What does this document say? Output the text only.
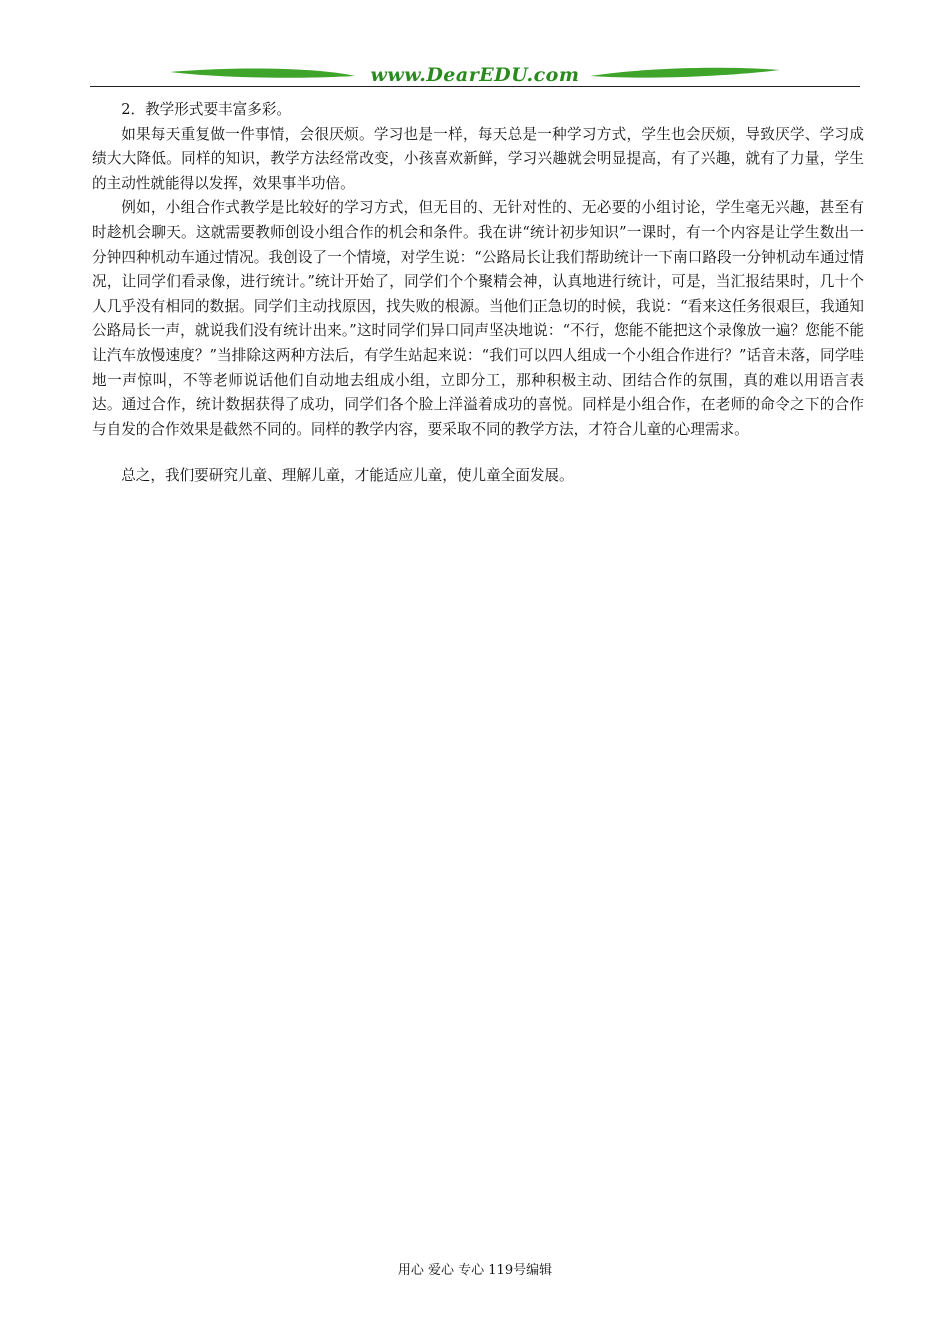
www.DearEDU.com

2．教学形式要丰富多彩。

如果每天重复做一件事情，会很厌烦。学习也是一样，每天总是一种学习方式，学生也会厌烦，导致厌学、学习成绩大大降低。同样的知识，教学方法经常改变，小孩喜欢新鲜，学习兴趣就会明显提高，有了兴趣，就有了力量，学生的主动性就能得以发挥，效果事半功倍。

例如，小组合作式教学是比较好的学习方式，但无目的、无针对性的、无必要的小组讨论，学生毫无兴趣，甚至有时趁机会聊天。这就需要教师创设小组合作的机会和条件。我在讲“统计初步知识”一课时，有一个内容是让学生数出一分钟四种机动车通过情况。我创设了一个情境，对学生说：“公路局长让我们帮助统计一下南口路段一分钟机动车通过情况，让同学们看录像，进行统计。”统计开始了，同学们个个聚精会神，认真地进行统计，可是，当汇报结果时，几十个人几乎没有相同的数据。同学们主动找原因，找失败的根源。当他们正急切的时候，我说：“看来这任务很艰巨，我通知公路局长一声，就说我们没有统计出来。”这时同学们异口同声坚决地说：“不行，您能不能把这个录像放一遍？您能不能让汽车放慢速度？”当排除这两种方法后，有学生站起来说：“我们可以四人组成一个小组合作进行？”话音未落，同学哇地一声惊叫，不等老师说话他们自动地去组成小组，立即分工，那种积极主动、团结合作的氛围，真的难以用语言表达。通过合作，统计数据获得了成功，同学们各个脸上洋溢着成功的喜悦。同样是小组合作，在老师的命令之下的合作与自发的合作效果是截然不同的。同样的教学内容，要采取不同的教学方法，才符合儿童的心理需求。

总之，我们要研究儿童、理解儿童，才能适应儿童，使儿童全面发展。

用心 爱心 专心 119号编辑
